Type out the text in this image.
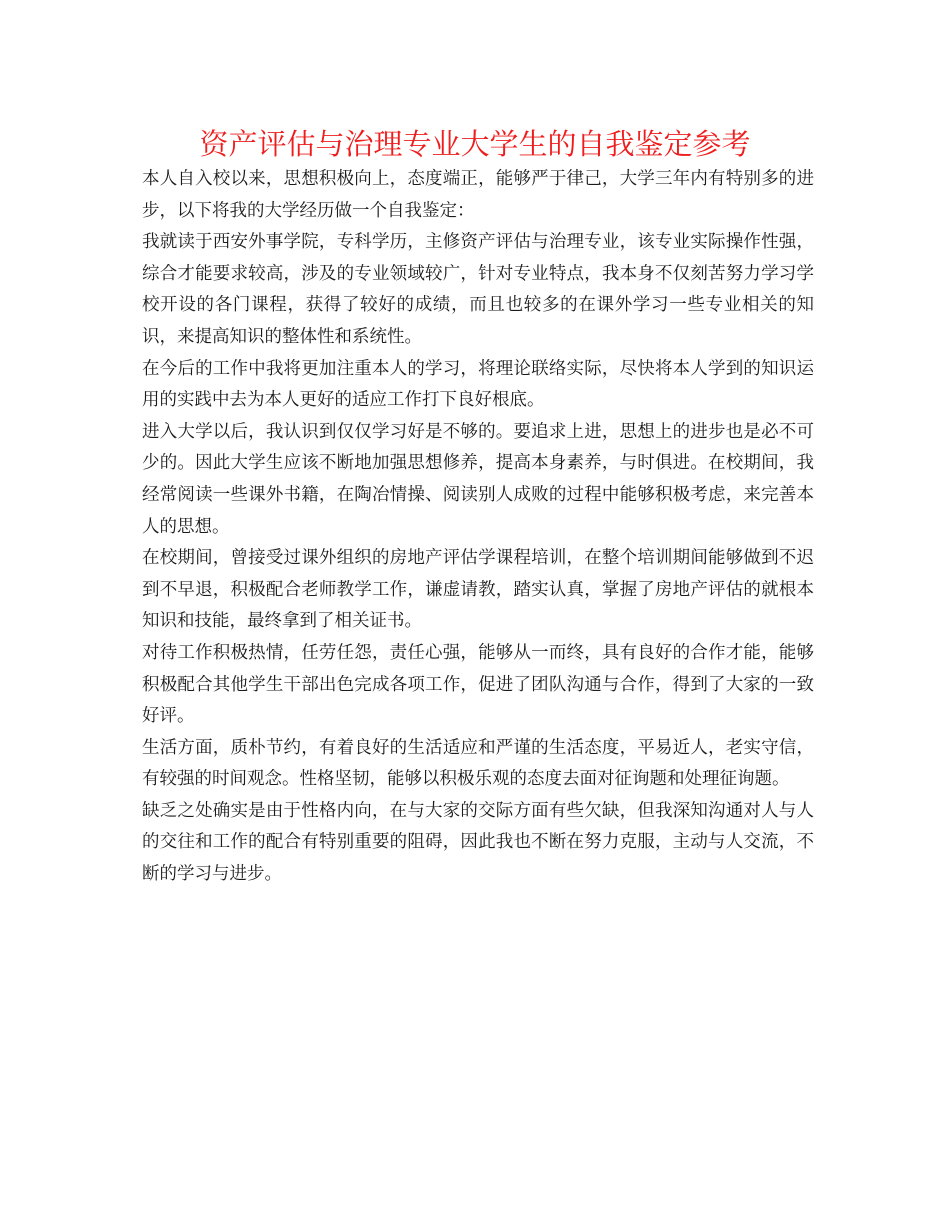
资产评估与治理专业大学生的自我鉴定参考

本人自入校以来，思想积极向上，态度端正，能够严于律己，大学三年内有特别多的进步，以下将我的大学经历做一个自我鉴定：

我就读于西安外事学院，专科学历，主修资产评估与治理专业，该专业实际操作性强，综合才能要求较高，涉及的专业领域较广，针对专业特点，我本身不仅刻苦努力学习学校开设的各门课程，获得了较好的成绩，而且也较多的在课外学习一些专业相关的知识，来提高知识的整体性和系统性。

在今后的工作中我将更加注重本人的学习，将理论联络实际，尽快将本人学到的知识运用的实践中去为本人更好的适应工作打下良好根底。

进入大学以后，我认识到仅仅学习好是不够的。要追求上进，思想上的进步也是必不可少的。因此大学生应该不断地加强思想修养，提高本身素养，与时俱进。在校期间，我经常阅读一些课外书籍，在陶冶情操、阅读别人成败的过程中能够积极考虑，来完善本人的思想。

在校期间，曾接受过课外组织的房地产评估学课程培训，在整个培训期间能够做到不迟到不早退，积极配合老师教学工作，谦虚请教，踏实认真，掌握了房地产评估的就根本知识和技能，最终拿到了相关证书。

对待工作积极热情，任劳任怨，责任心强，能够从一而终，具有良好的合作才能，能够积极配合其他学生干部出色完成各项工作，促进了团队沟通与合作，得到了大家的一致好评。

生活方面，质朴节约，有着良好的生活适应和严谨的生活态度，平易近人，老实守信，有较强的时间观念。性格坚韧，能够以积极乐观的态度去面对征询题和处理征询题。

缺乏之处确实是由于性格内向，在与大家的交际方面有些欠缺，但我深知沟通对人与人的交往和工作的配合有特别重要的阻碍，因此我也不断在努力克服，主动与人交流，不断的学习与进步。
